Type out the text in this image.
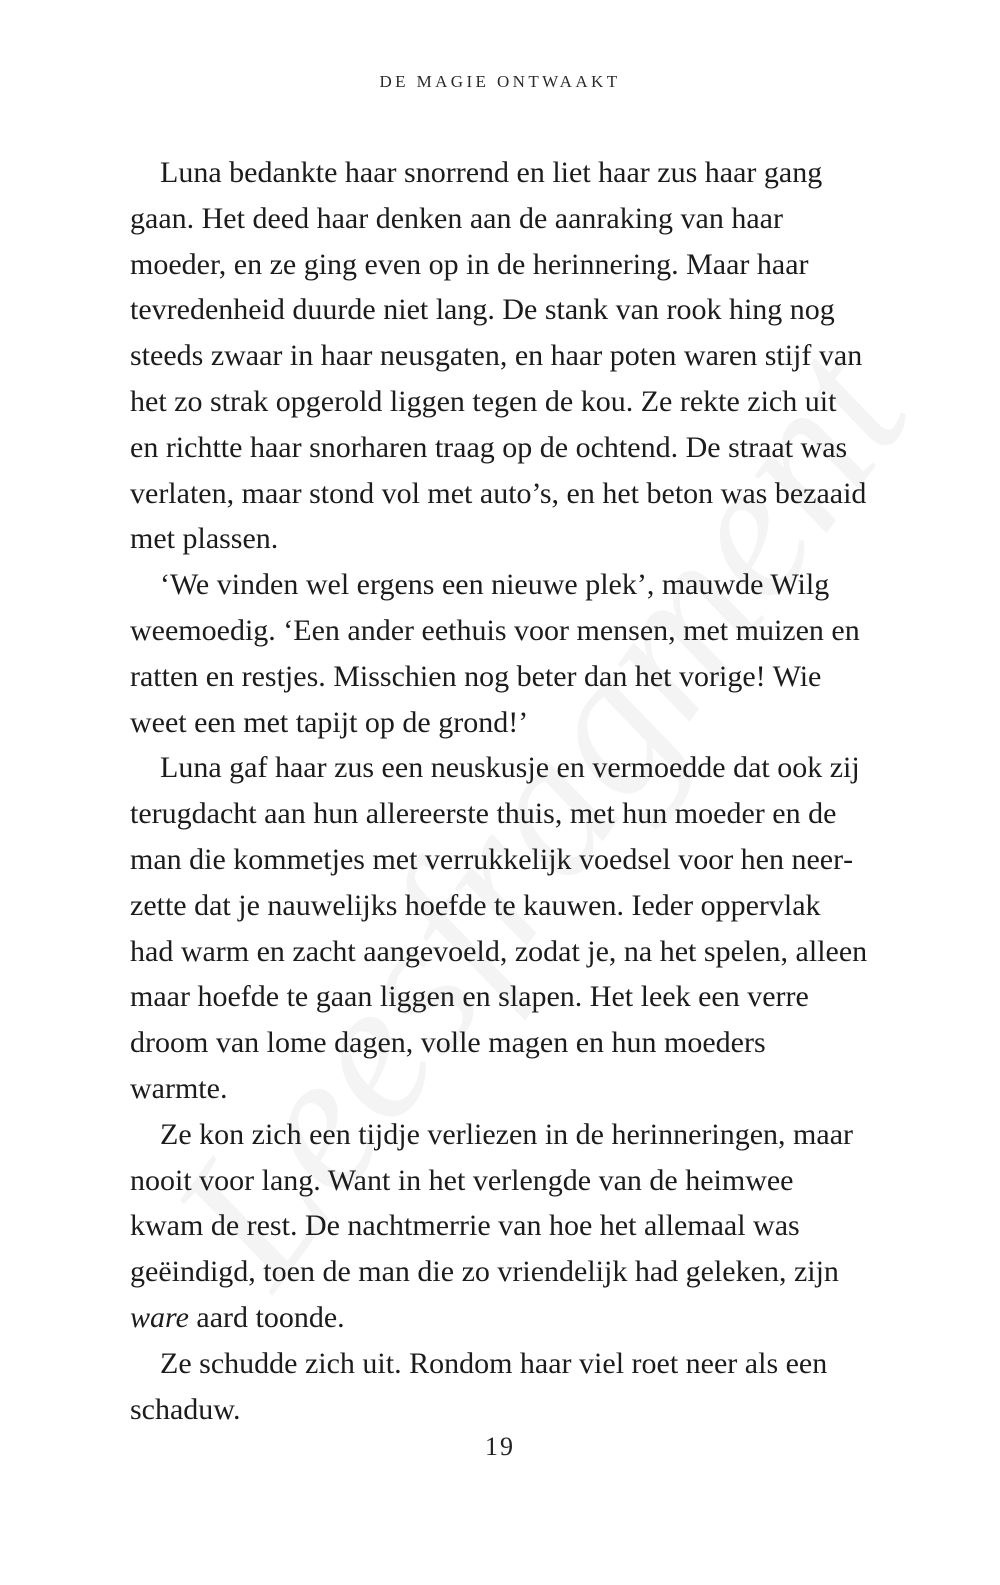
DE MAGIE ONTWAAKT

Luna bedankte haar snorrend en liet haar zus haar gang gaan. Het deed haar denken aan de aanraking van haar moeder, en ze ging even op in de herinnering. Maar haar tevredenheid duurde niet lang. De stank van rook hing nog steeds zwaar in haar neusgaten, en haar poten waren stijf van het zo strak opgerold liggen tegen de kou. Ze rekte zich uit en richtte haar snorharen traag op de ochtend. De straat was verlaten, maar stond vol met auto’s, en het beton was bezaaid met plassen.

‘We vinden wel ergens een nieuwe plek’, mauwde Wilg weemoedig. ‘Een ander eethuis voor mensen, met muizen en ratten en restjes. Misschien nog beter dan het vorige! Wie weet een met tapijt op de grond!’

Luna gaf haar zus een neuskusje en vermoedde dat ook zij terugdacht aan hun allereerste thuis, met hun moeder en de man die kommetjes met verrukkelijk voedsel voor hen neerzette dat je nauwelijks hoefde te kauwen. Ieder oppervlak had warm en zacht aangevoeld, zodat je, na het spelen, alleen maar hoefde te gaan liggen en slapen. Het leek een verre droom van lome dagen, volle magen en hun moeders warmte.

Ze kon zich een tijdje verliezen in de herinneringen, maar nooit voor lang. Want in het verlengde van de heimwee kwam de rest. De nachtmerrie van hoe het allemaal was geëindigd, toen de man die zo vriendelijk had geleken, zijn ware aard toonde.

Ze schudde zich uit. Rondom haar viel roet neer als een schaduw.

19
